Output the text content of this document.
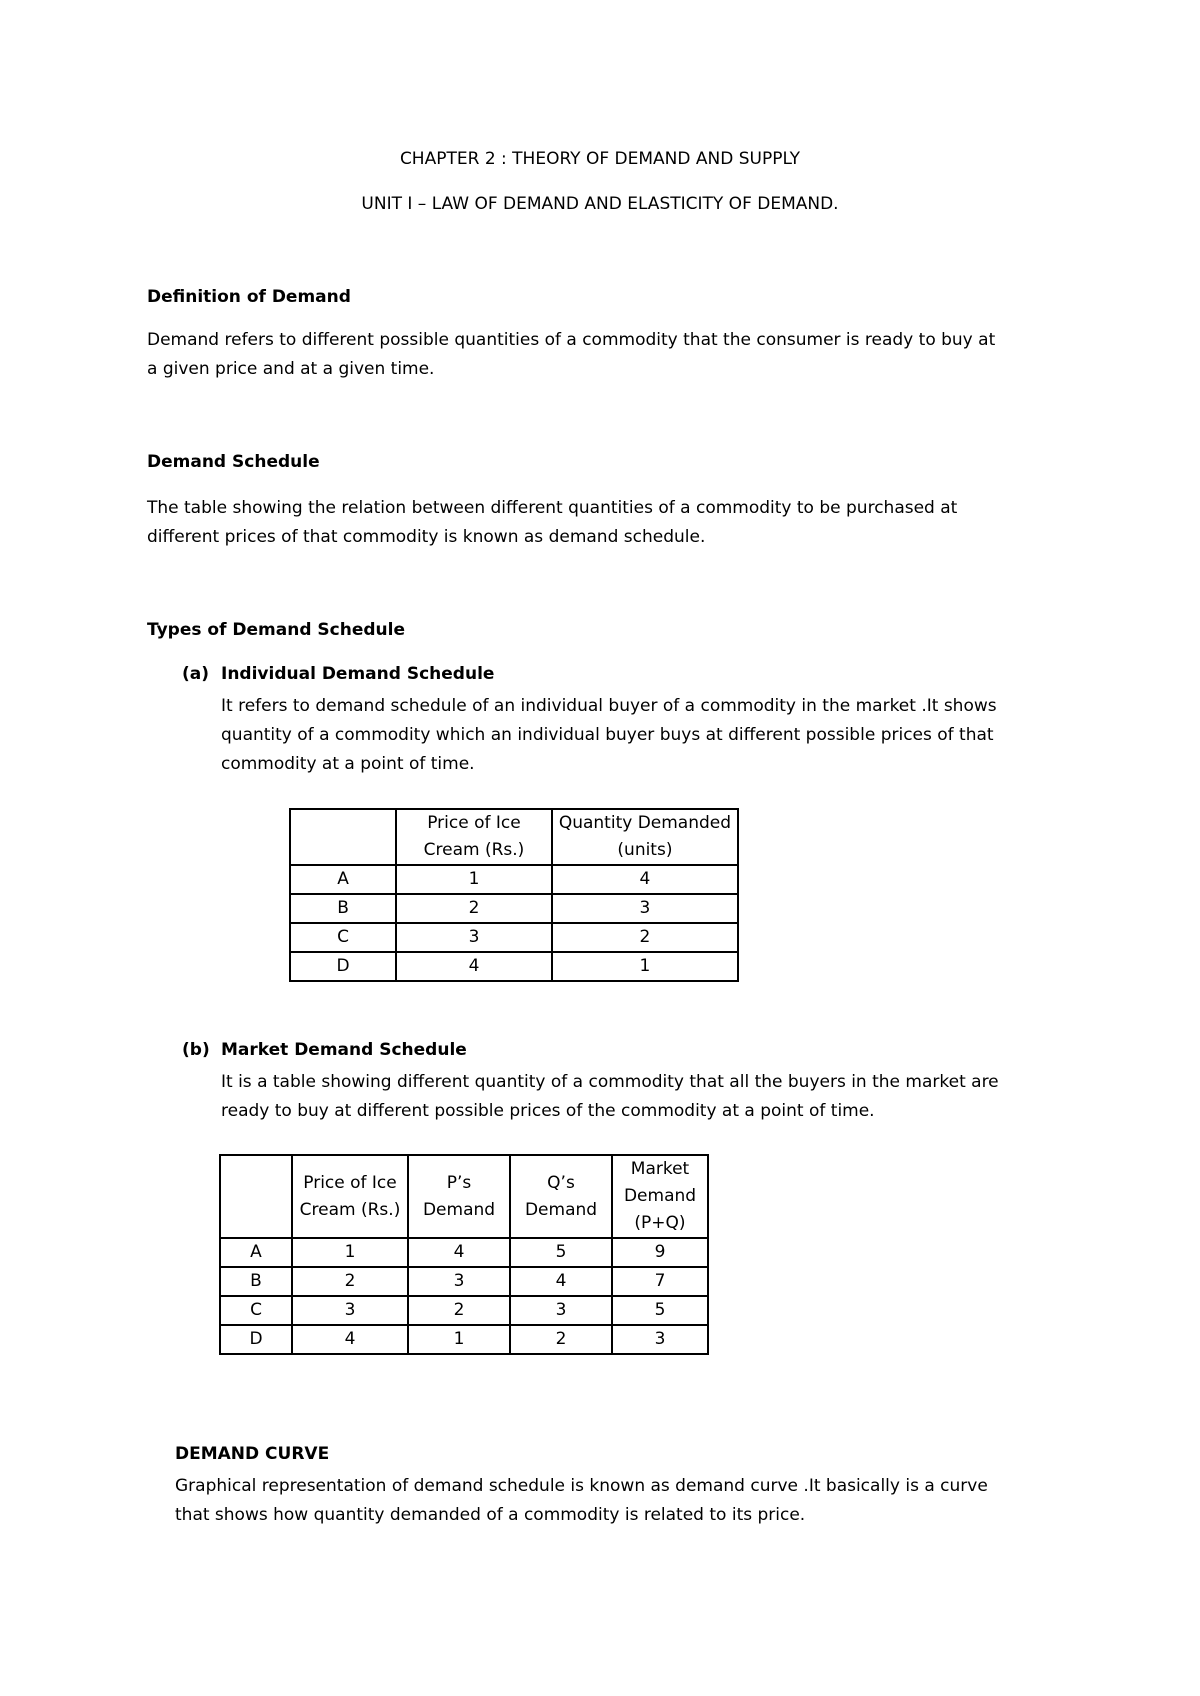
CHAPTER 2 : THEORY OF DEMAND AND SUPPLY

UNIT I – LAW OF DEMAND AND ELASTICITY OF DEMAND.

Definition of Demand

Demand refers to different possible quantities of a commodity that the consumer is ready to buy at

a given price and at a given time.

Demand Schedule

The table showing the relation between different quantities of a commodity to be purchased at

different prices of that commodity is known as demand schedule.

Types of Demand Schedule

(a) Individual Demand Schedule

It refers to demand schedule of an individual buyer of a commodity in the market .It shows

quantity of a commodity which an individual buyer buys at different possible prices of that

commodity at a point of time.

	Price of Ice Cream (Rs.)	Quantity Demanded (units)
A	1	4
B	2	3
C	3	2
D	4	1

(b) Market Demand Schedule

It is a table showing different quantity of a commodity that all the buyers in the market are

ready to buy at different possible prices of the commodity at a point of time.

	Price of Ice Cream (Rs.)	P’s Demand	Q’s Demand	Market Demand (P+Q)
A	1	4	5	9
B	2	3	4	7
C	3	2	3	5
D	4	1	2	3

DEMAND CURVE

Graphical representation of demand schedule is known as demand curve .It basically is a curve

that shows how quantity demanded of a commodity is related to its price.
